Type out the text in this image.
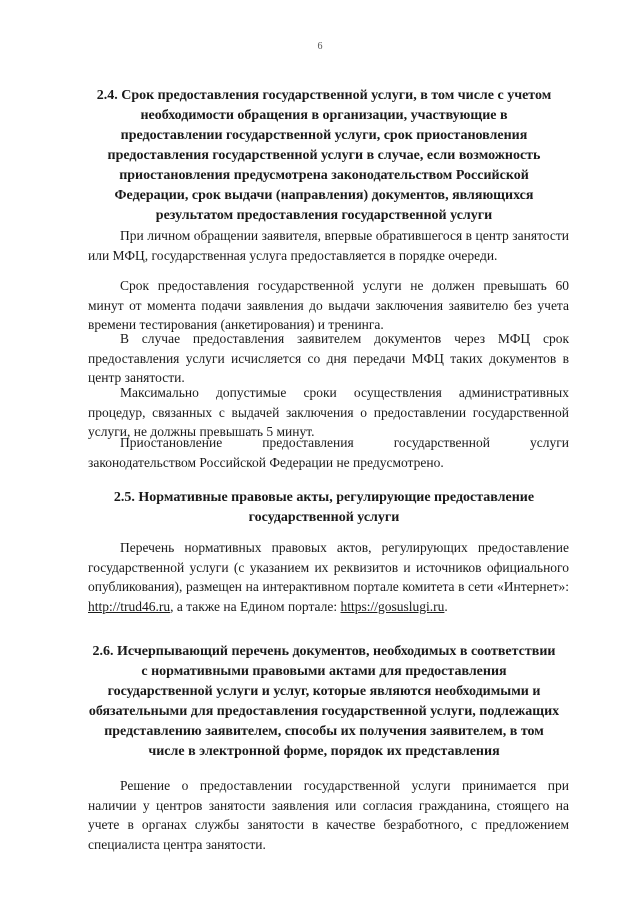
6

2.4. Срок предоставления государственной услуги, в том числе с учетом необходимости обращения в организации, участвующие в предоставлении государственной услуги, срок приостановления предоставления государственной услуги в случае, если возможность приостановления предусмотрена законодательством Российской Федерации, срок выдачи (направления) документов, являющихся результатом предоставления государственной услуги

При личном обращении заявителя, впервые обратившегося в центр занятости или МФЦ, государственная услуга предоставляется в порядке очереди.

Срок предоставления государственной услуги не должен превышать 60 минут от момента подачи заявления до выдачи заключения заявителю без учета времени тестирования (анкетирования) и тренинга.

В случае предоставления заявителем документов через МФЦ срок предоставления услуги исчисляется со дня передачи МФЦ таких документов в центр занятости.

Максимально допустимые сроки осуществления административных процедур, связанных с выдачей заключения о предоставлении государственной услуги, не должны превышать 5 минут.

Приостановление предоставления государственной услуги законодательством Российской Федерации не предусмотрено.

2.5. Нормативные правовые акты, регулирующие предоставление государственной услуги

Перечень нормативных правовых актов, регулирующих предоставление государственной услуги (с указанием их реквизитов и источников официального опубликования), размещен на интерактивном портале комитета в сети «Интернет»: http://trud46.ru, а также на Едином портале: https://gosuslugi.ru.

2.6. Исчерпывающий перечень документов, необходимых в соответствии с нормативными правовыми актами для предоставления государственной услуги и услуг, которые являются необходимыми и обязательными для предоставления государственной услуги, подлежащих представлению заявителем, способы их получения заявителем, в том числе в электронной форме, порядок их представления

Решение о предоставлении государственной услуги принимается при наличии у центров занятости заявления или согласия гражданина, стоящего на учете в органах службы занятости в качестве безработного, с предложением специалиста центра занятости.
